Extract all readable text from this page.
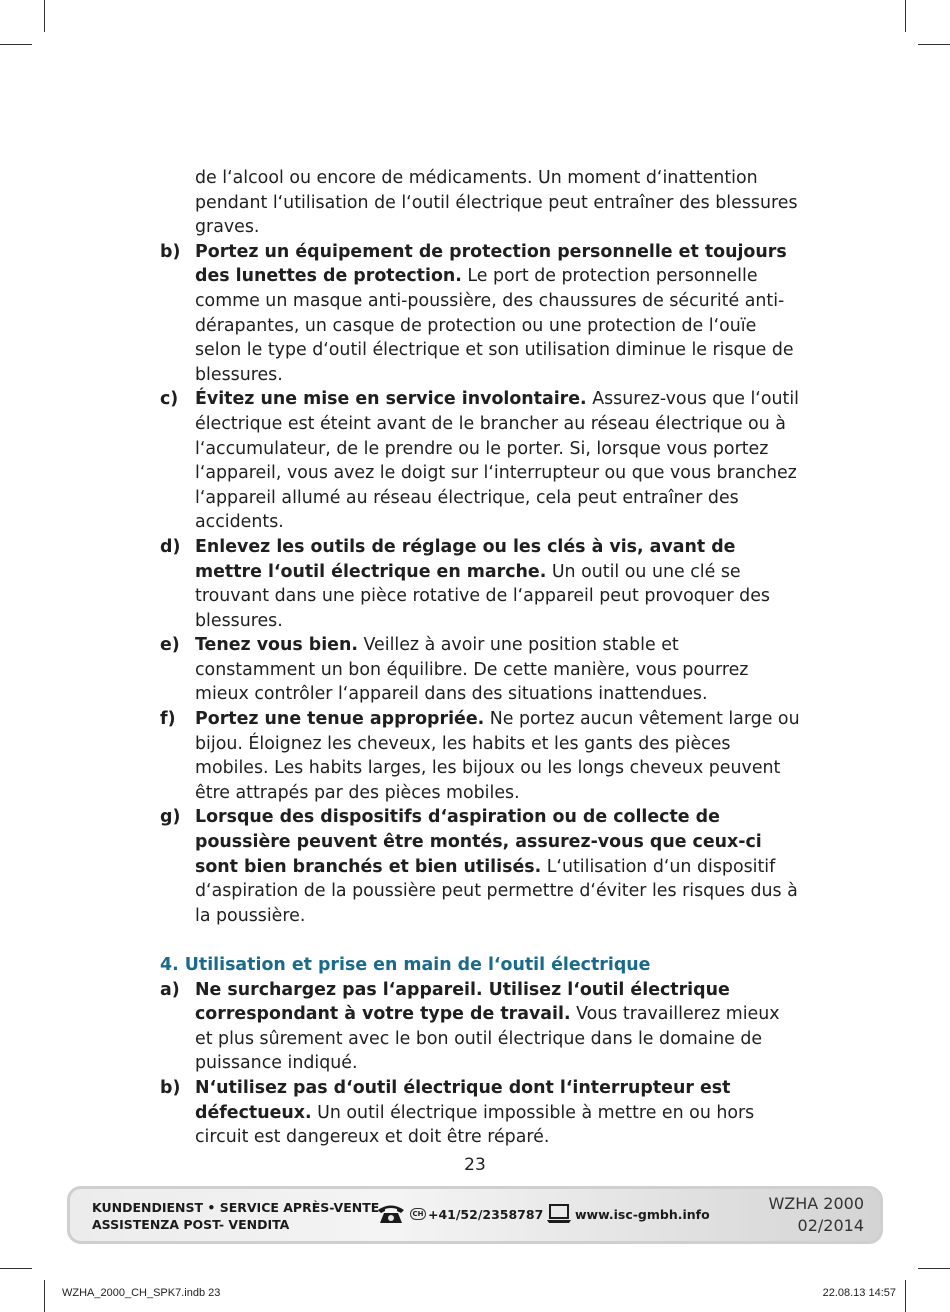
de l‘alcool ou encore de médicaments. Un moment d‘inattention pendant l‘utilisation de l‘outil électrique peut entraîner des blessures graves.

b) Portez un équipement de protection personnelle et toujours des lunettes de protection. Le port de protection personnelle comme un masque anti-poussière, des chaussures de sécurité anti-dérapantes, un casque de protection ou une protection de l‘ouïe selon le type d‘outil électrique et son utilisation diminue le risque de blessures.
c) Évitez une mise en service involontaire. Assurez-vous que l‘outil électrique est éteint avant de le brancher au réseau électrique ou à l‘accumulateur, de le prendre ou le porter. Si, lorsque vous portez l‘appareil, vous avez le doigt sur l‘interrupteur ou que vous branchez l‘appareil allumé au réseau électrique, cela peut entraîner des accidents.
d) Enlevez les outils de réglage ou les clés à vis, avant de mettre l‘outil électrique en marche. Un outil ou une clé se trouvant dans une pièce rotative de l‘appareil peut provoquer des blessures.
e) Tenez vous bien. Veillez à avoir une position stable et constamment un bon équilibre. De cette manière, vous pourrez mieux contrôler l‘appareil dans des situations inattendues.
f) Portez une tenue appropriée. Ne portez aucun vêtement large ou bijou. Éloignez les cheveux, les habits et les gants des pièces mobiles. Les habits larges, les bijoux ou les longs cheveux peuvent être attrapés par des pièces mobiles.
g) Lorsque des dispositifs d‘aspiration ou de collecte de poussière peuvent être montés, assurez-vous que ceux-ci sont bien branchés et bien utilisés. L‘utilisation d‘un dispositif d‘aspiration de la poussière peut permettre d‘éviter les risques dus à la poussière.
4. Utilisation et prise en main de l‘outil électrique
a) Ne surchargez pas l‘appareil. Utilisez l‘outil électrique correspondant à votre type de travail. Vous travaillerez mieux et plus sûrement avec le bon outil électrique dans le domaine de puissance indiqué.
b) N‘utilisez pas d‘outil électrique dont l‘interrupteur est défectueux. Un outil électrique impossible à mettre en ou hors circuit est dangereux et doit être réparé.
23
KUNDENDIENST • SERVICE APRÈS-VENTE
ASSISTENZA POST- VENDITA
CH +41/52/2358787	www.isc-gmbh.info
WZHA 2000
02/2014
WZHA_2000_CH_SPK7.indb 23	22.08.13 14:57
